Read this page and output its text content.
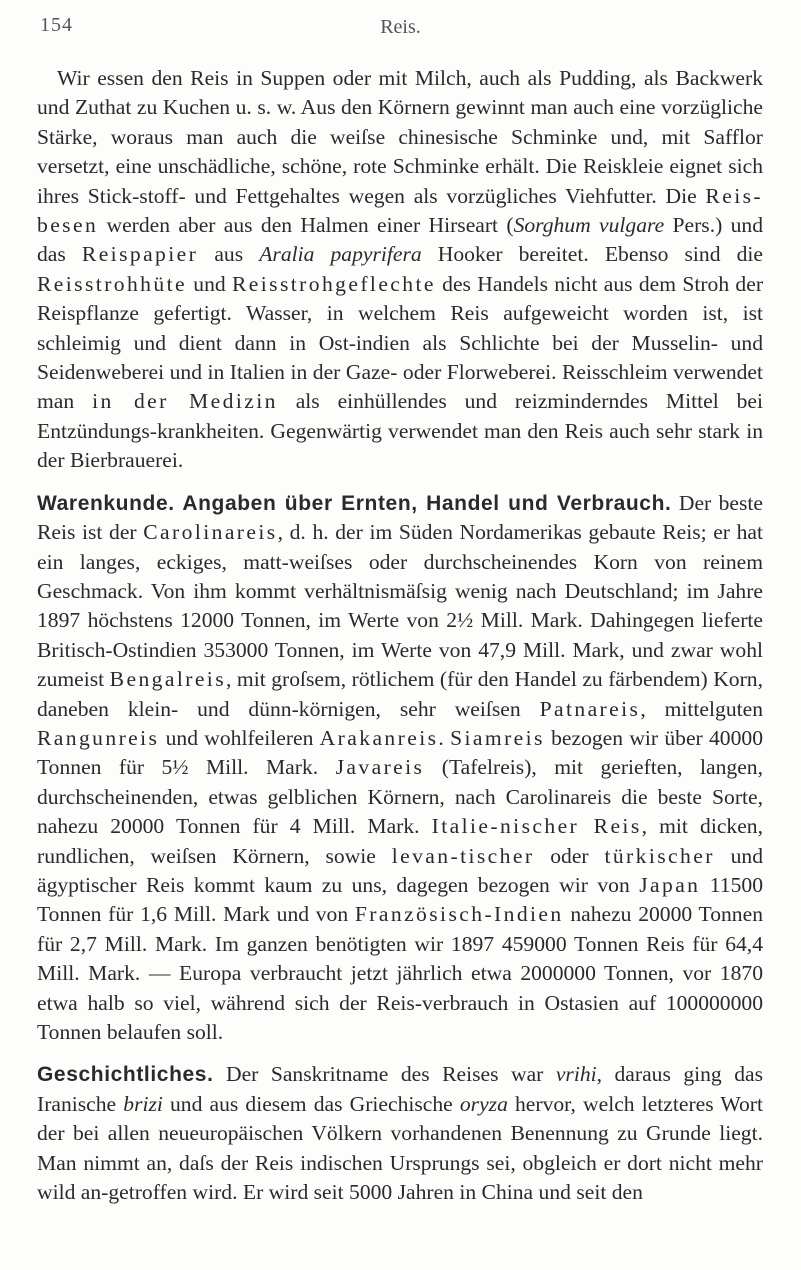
154	Reis.

Wir essen den Reis in Suppen oder mit Milch, auch als Pudding, als Backwerk und Zuthat zu Kuchen u. s. w. Aus den Körnern gewinnt man auch eine vorzügliche Stärke, woraus man auch die weiſse chinesische Schminke und, mit Safflor versetzt, eine unschädliche, schöne, rote Schminke erhält. Die Reiskleie eignet sich ihres Stick-stoff- und Fettgehaltes wegen als vorzügliches Viehfutter. Die Reis-besen werden aber aus den Halmen einer Hirseart (Sorghum vulgare Pers.) und das Reispapier aus Aralia papyrifera Hooker bereitet. Ebenso sind die Reisstrohhüte und Reisstrohgeflechte des Handels nicht aus dem Stroh der Reispflanze gefertigt. Wasser, in welchem Reis aufgeweicht worden ist, ist schleimig und dient dann in Ost-indien als Schlichte bei der Musselin- und Seidenweberei und in Italien in der Gaze- oder Florweberei. Reisschleim verwendet man in der Medizin als einhüllendes und reizminderndes Mittel bei Entzündungs-krankheiten. Gegenwärtig verwendet man den Reis auch sehr stark in der Bierbrauerei.

Warenkunde. Angaben über Ernten, Handel und Verbrauch. Der beste Reis ist der Carolinareis, d. h. der im Süden Nordamerikas gebaute Reis; er hat ein langes, eckiges, matt-weiſses oder durchscheinendes Korn von reinem Geschmack. Von ihm kommt verhältnismäſsig wenig nach Deutschland; im Jahre 1897 höchstens 12000 Tonnen, im Werte von 2½ Mill. Mark. Dahingegen lieferte Britisch-Ostindien 353000 Tonnen, im Werte von 47,9 Mill. Mark, und zwar wohl zumeist Bengalreis, mit groſsem, rötlichem (für den Handel zu färbendem) Korn, daneben klein- und dünn-körnigen, sehr weiſsen Patnareis, mittelguten Rangunreis und wohlfeileren Arakanreis. Siamreis bezogen wir über 40000 Tonnen für 5½ Mill. Mark. Javareis (Tafelreis), mit gerieften, langen, durchscheinenden, etwas gelblichen Körnern, nach Carolinareis die beste Sorte, nahezu 20000 Tonnen für 4 Mill. Mark. Italie-nischer Reis, mit dicken, rundlichen, weiſsen Körnern, sowie levan-tischer oder türkischer und ägyptischer Reis kommt kaum zu uns, dagegen bezogen wir von Japan 11500 Tonnen für 1,6 Mill. Mark und von Französisch-Indien nahezu 20000 Tonnen für 2,7 Mill. Mark. Im ganzen benötigten wir 1897 459000 Tonnen Reis für 64,4 Mill. Mark. — Europa verbraucht jetzt jährlich etwa 2000000 Tonnen, vor 1870 etwa halb so viel, während sich der Reis-verbrauch in Ostasien auf 100000000 Tonnen belaufen soll.

Geschichtliches. Der Sanskritname des Reises war vrihi, daraus ging das Iranische brizi und aus diesem das Griechische oryza hervor, welch letzteres Wort der bei allen neueuropäischen Völkern vorhandenen Benennung zu Grunde liegt. Man nimmt an, daſs der Reis indischen Ursprungs sei, obgleich er dort nicht mehr wild an-getroffen wird. Er wird seit 5000 Jahren in China und seit den
